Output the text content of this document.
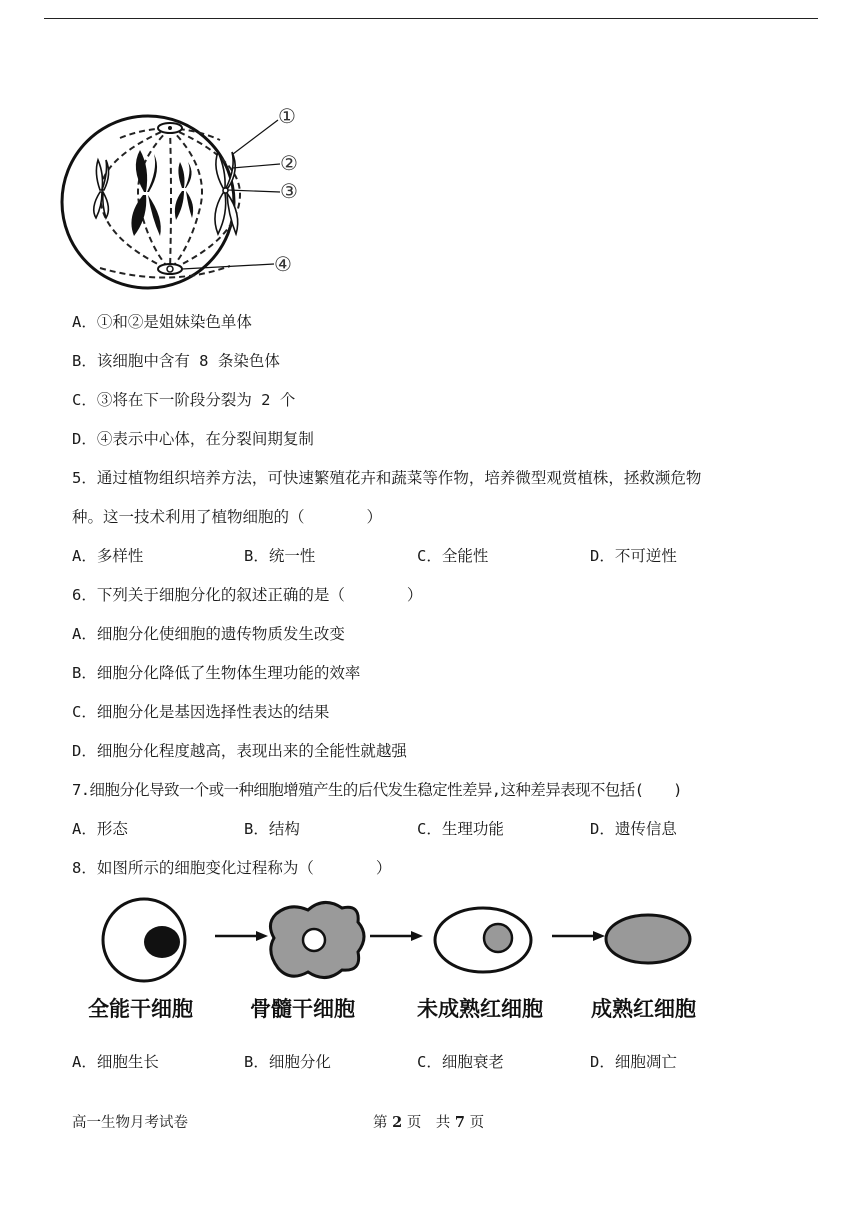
①
②
③
④
A．①和②是姐妹染色单体
B．该细胞中含有 8 条染色体
C．③将在下一阶段分裂为 2 个
D．④表示中心体，在分裂间期复制
5．通过植物组织培养方法，可快速繁殖花卉和蔬菜等作物，培养微型观赏植株，拯救濒危物
种。这一技术利用了植物细胞的（　　　　）
A．多样性	B．统一性	C．全能性	D．不可逆性
6．下列关于细胞分化的叙述正确的是（　　　　）
A．细胞分化使细胞的遗传物质发生改变
B．细胞分化降低了生物体生理功能的效率
C．细胞分化是基因选择性表达的结果
D．细胞分化程度越高，表现出来的全能性就越强
7.细胞分化导致一个或一种细胞增殖产生的后代发生稳定性差异,这种差异表现不包括(　　)
A．形态	B．结构	C．生理功能	D．遗传信息
8．如图所示的细胞变化过程称为（　　　　）
全能干细胞	骨髓干细胞	未成熟红细胞 成熟红细胞
A．细胞生长	B．细胞分化	C．细胞衰老	D．细胞凋亡
高一生物月考试卷	第 2 页　共 7 页
